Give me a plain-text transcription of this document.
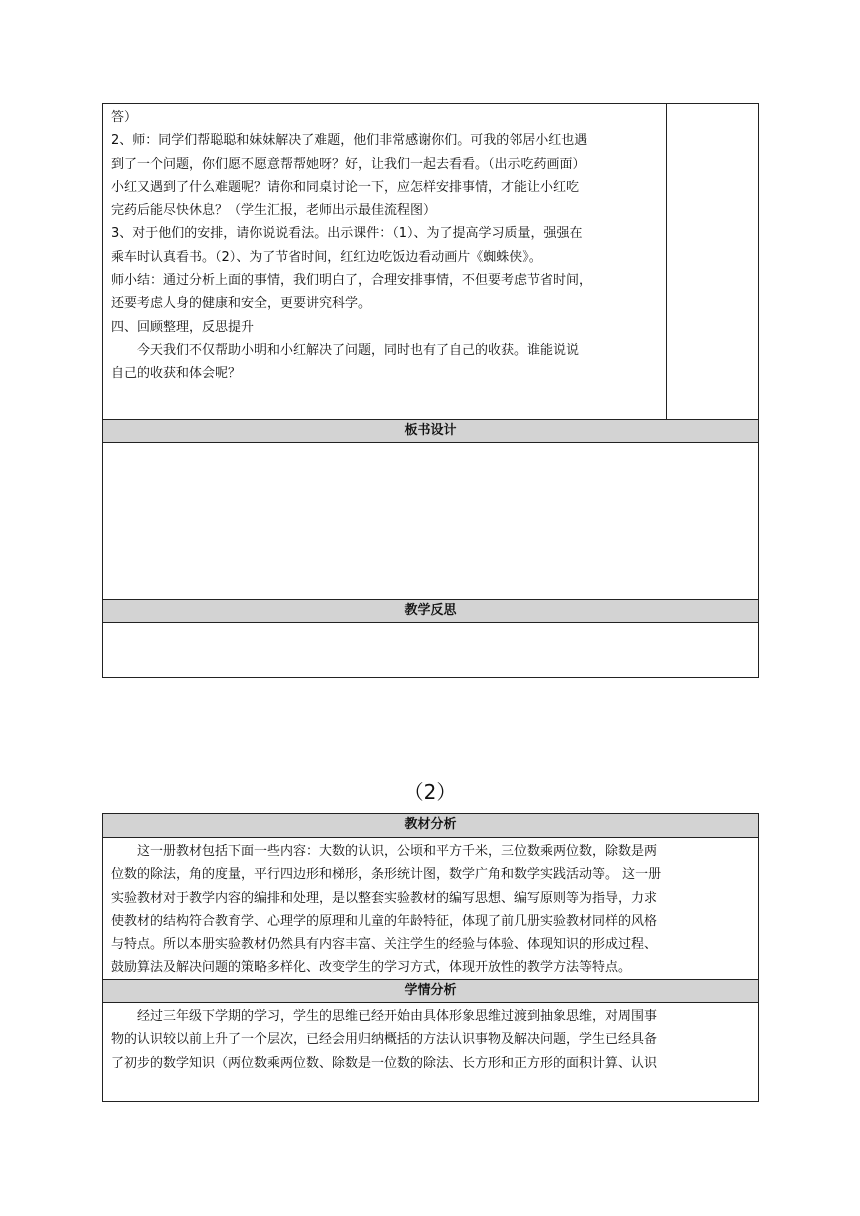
答）

2、师：同学们帮聪聪和妹妹解决了难题，他们非常感谢你们。可我的邻居小红也遇

到了一个问题，你们愿不愿意帮帮她呀？好，让我们一起去看看。（出示吃药画面）

小红又遇到了什么难题呢？请你和同桌讨论一下，应怎样安排事情，才能让小红吃

完药后能尽快休息？（学生汇报，老师出示最佳流程图）

3、对于他们的安排，请你说说看法。出示课件：（1）、为了提高学习质量，强强在

乘车时认真看书。（2）、为了节省时间，红红边吃饭边看动画片《蜘蛛侠》。

师小结：通过分析上面的事情，我们明白了，合理安排事情，不但要考虑节省时间，

还要考虑人身的健康和安全，更要讲究科学。

四、回顾整理，反思提升

今天我们不仅帮助小明和小红解决了问题，同时也有了自己的收获。谁能说说

自己的收获和体会呢？

板书设计
教学反思
（2）
教材分析

这一册教材包括下面一些内容：大数的认识，公顷和平方千米，三位数乘两位数，除数是两

位数的除法，角的度量，平行四边形和梯形，条形统计图，数学广角和数学实践活动等。 这一册

实验教材对于教学内容的编排和处理，是以整套实验教材的编写思想、编写原则等为指导，力求

使教材的结构符合教育学、心理学的原理和儿童的年龄特征，体现了前几册实验教材同样的风格

与特点。所以本册实验教材仍然具有内容丰富、关注学生的经验与体验、体现知识的形成过程、

鼓励算法及解决问题的策略多样化、改变学生的学习方式，体现开放性的教学方法等特点。

学情分析

经过三年级下学期的学习，学生的思维已经开始由具体形象思维过渡到抽象思维，对周围事

物的认识较以前上升了一个层次，已经会用归纳概括的方法认识事物及解决问题，学生已经具备

了初步的数学知识（两位数乘两位数、除数是一位数的除法、长方形和正方形的面积计算、认识
